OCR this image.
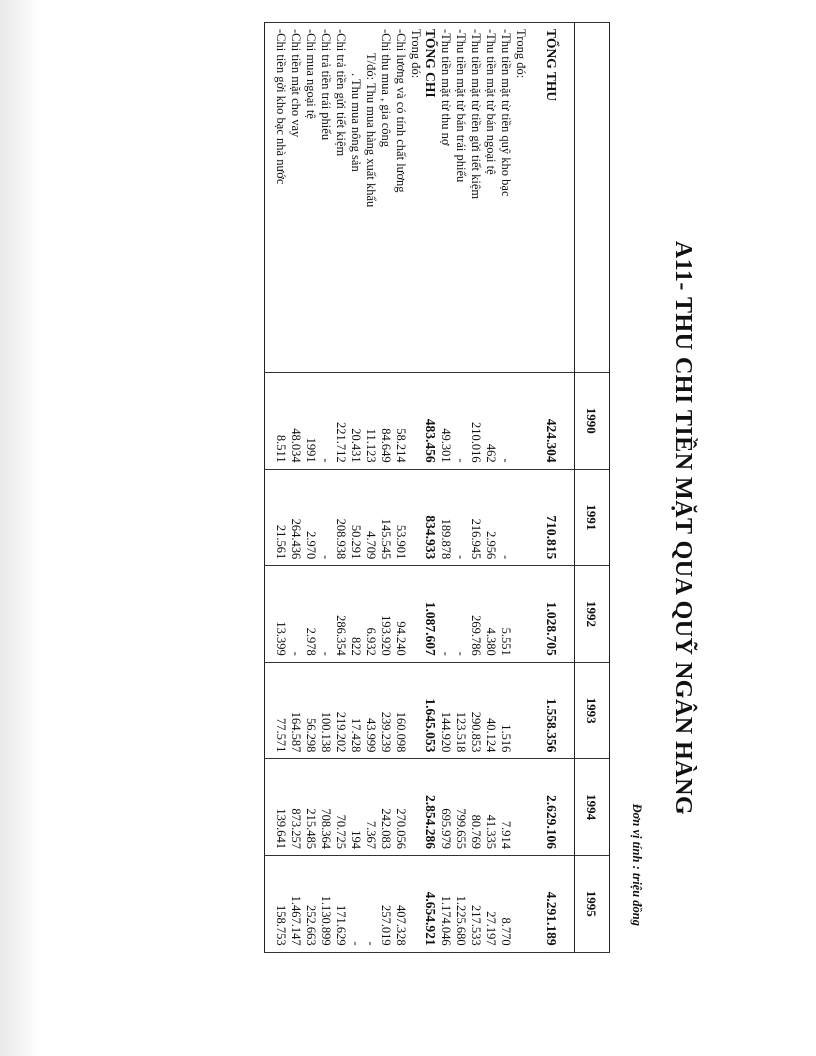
A11- THU CHI TIỀN MẶT QUA QUỸ NGÂN HÀNG
Đơn vị tính : triệu đồng
	1990	1991	1992	1993	1994	1995
TỔNG THU	424.304	710.815	1.028.705	1.558.356	2.629.106	4.291.189
Trong đó:						
-Thu tiền mặt từ tiền quỹ kho bạc	-	-	5.551	1.516	7.914	8.770
-Thu tiền mặt từ bán ngoại tệ	462	2.956	4.380	40.124	41.335	27.197
-Thu tiền mặt từ tiền gửi tiết kiệm	210.016	216.945	269.786	290.853	80.769	217.533
-Thu tiền mặt từ bán trái phiếu	-	-	-	123.518	799.655	1.225.680
-Thu tiền mặt từ thu nợ	49.301	189.878	-	144.920	695.979	1.174.046
TỔNG CHI	483.456	834.933	1.087.607	1.645.053	2.854.286	4.654.921
Trong đó:						
-Chi lương và có tính chất lương	58.214	53.901	94.240	160.098	270.056	407.328
-Chi thu mua , gia công	84.649	145.545	193.920	239.239	242.083	257.019
T/đó: Thu mua hàng xuất khẩu	11.123	4.709	6.932	43.999	7.367	-
. Thu mua nông sản	20.431	50.291	822	17.428	194	-
-Chi trả tiền gửi tiết kiệm	221.712	208.938	286.354	219.202	70.725	171.629
-Chi trả tiền trái phiếu	-	-	-	100.138	708.364	1.130.899
-Chi mua ngoại tệ	1991	2.970	2.978	56.298	215.485	252.663
-Chi tiền mặt cho vay	48.034	264.436	-	164.587	873.257	1.467.147
-Chi tiền gởi kho bạc nhà nước	8.511	21.561	13.399	77.571	139.641	158.753
